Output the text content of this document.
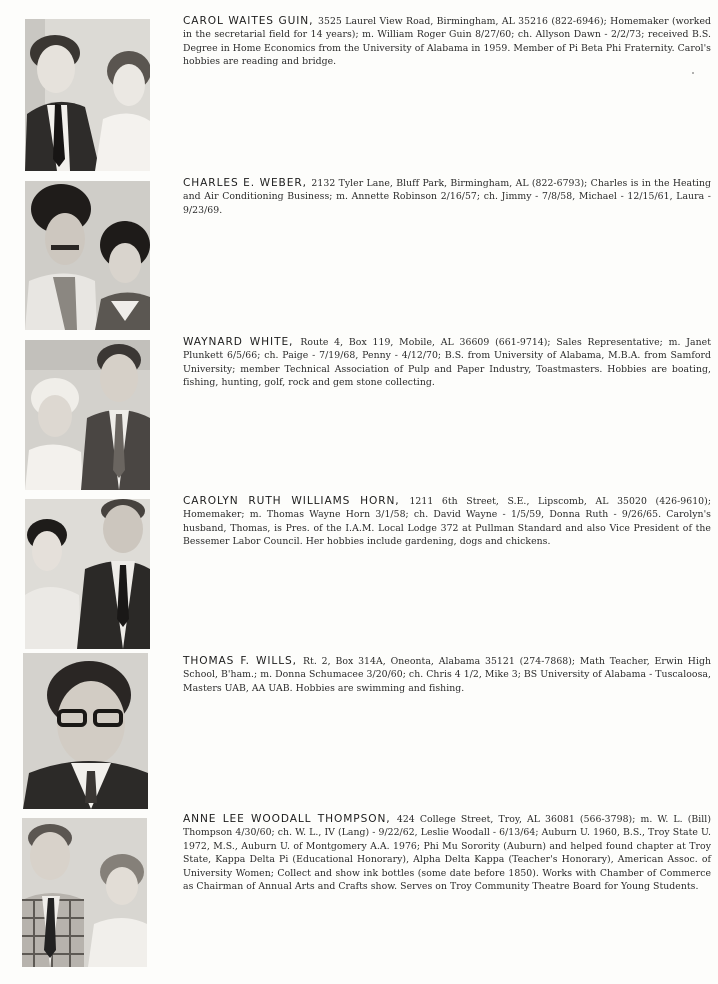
CAROL WAITES GUIN, 3525 Laurel View Road, Birmingham, AL 35216 (822-6946); Homemaker (worked in the secretarial field for 14 years); m. William Roger Guin 8/27/60; ch. Allyson Dawn - 2/2/73; received B.S. Degree in Home Economics from the University of Alabama in 1959. Member of Pi Beta Phi Fraternity. Carol's hobbies are reading and bridge.
CHARLES E. WEBER, 2132 Tyler Lane, Bluff Park, Birmingham, AL (822-6793); Charles is in the Heating and Air Conditioning Business; m. Annette Robinson 2/16/57; ch. Jimmy - 7/8/58, Michael - 12/15/61, Laura - 9/23/69.
WAYNARD WHITE, Route 4, Box 119, Mobile, AL 36609 (661-9714); Sales Representative; m. Janet Plunkett 6/5/66; ch. Paige - 7/19/68, Penny - 4/12/70; B.S. from University of Alabama, M.B.A. from Samford University; member Technical Association of Pulp and Paper Industry, Toastmasters. Hobbies are boating, fishing, hunting, golf, rock and gem stone collecting.
CAROLYN RUTH WILLIAMS HORN, 1211 6th Street, S.E., Lipscomb, AL 35020 (426-9610); Homemaker; m. Thomas Wayne Horn 3/1/58; ch. David Wayne - 1/5/59, Donna Ruth - 9/26/65. Carolyn's husband, Thomas, is Pres. of the I.A.M. Local Lodge 372 at Pullman Standard and also Vice President of the Bessemer Labor Council. Her hobbies include gardening, dogs and chickens.
THOMAS F. WILLS, Rt. 2, Box 314A, Oneonta, Alabama 35121 (274-7868); Math Teacher, Erwin High School, B'ham.; m. Donna Schumacee 3/20/60; ch. Chris 4 1/2, Mike 3; BS University of Alabama - Tuscaloosa, Masters UAB, AA UAB. Hobbies are swimming and fishing.
ANNE LEE WOODALL THOMPSON, 424 College Street, Troy, AL 36081 (566-3798); m. W. L. (Bill) Thompson 4/30/60; ch. W. L., IV (Lang) - 9/22/62, Leslie Woodall - 6/13/64; Auburn U. 1960, B.S., Troy State U. 1972, M.S., Auburn U. of Montgomery A.A. 1976; Phi Mu Sorority (Auburn) and helped found chapter at Troy State, Kappa Delta Pi (Educational Honorary), Alpha Delta Kappa (Teacher's Honorary), American Assoc. of University Women; Collect and show ink bottles (some date before 1850). Works with Chamber of Commerce as Chairman of Annual Arts and Crafts show. Serves on Troy Community Theatre Board for Young Students.
